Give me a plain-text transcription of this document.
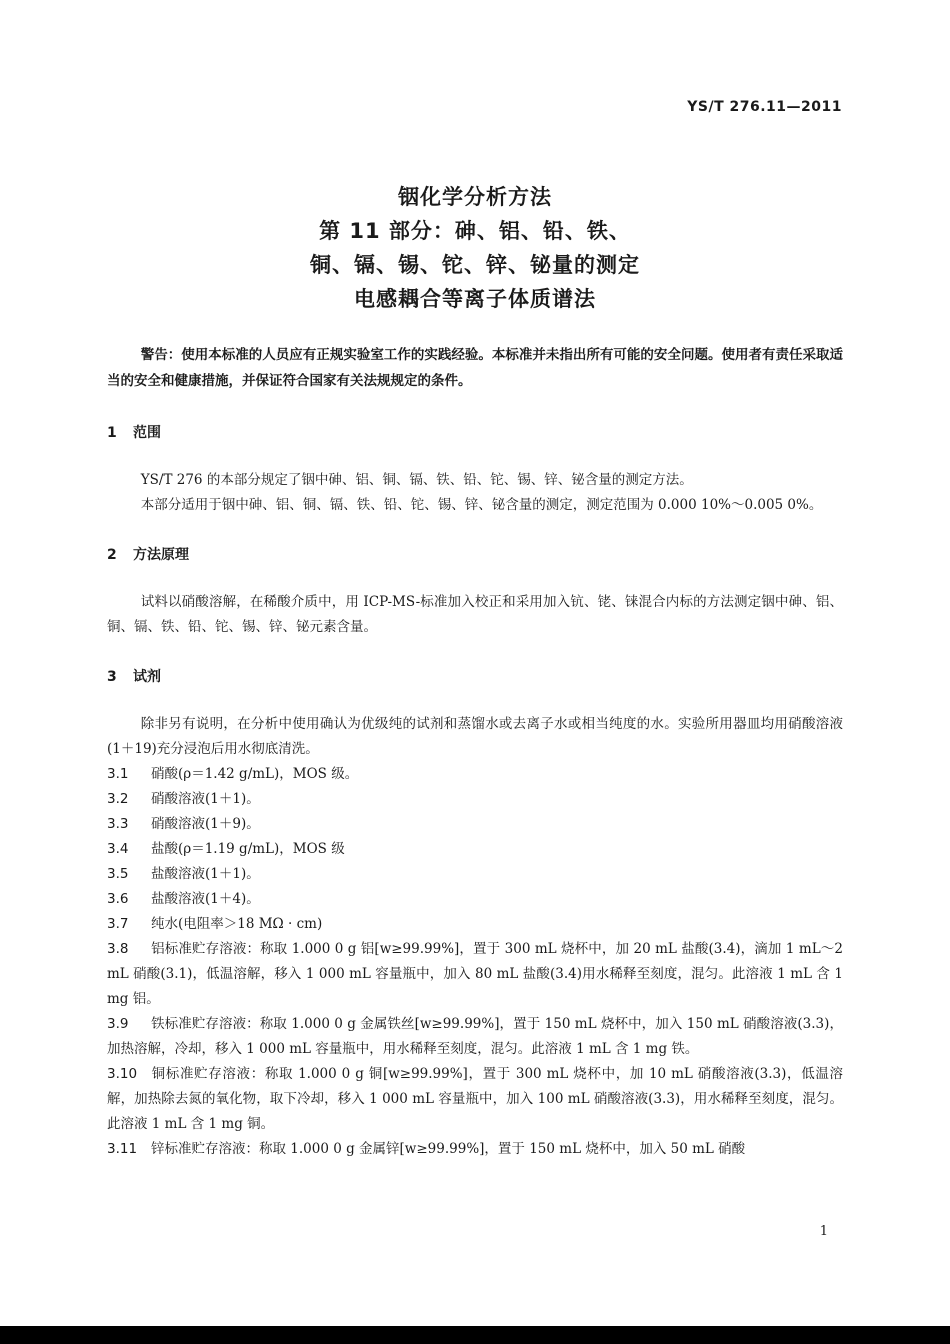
YS/T 276.11—2011
铟化学分析方法
第 11 部分：砷、铝、铅、铁、
铜、镉、锡、铊、锌、铋量的测定
电感耦合等离子体质谱法

警告：使用本标准的人员应有正规实验室工作的实践经验。本标准并未指出所有可能的安全问题。使用者有责任采取适当的安全和健康措施，并保证符合国家有关法规规定的条件。

1 范围

YS/T 276 的本部分规定了铟中砷、铝、铜、镉、铁、铅、铊、锡、锌、铋含量的测定方法。

本部分适用于铟中砷、铝、铜、镉、铁、铅、铊、锡、锌、铋含量的测定，测定范围为 0.000 10%～0.005 0%。

2 方法原理

试料以硝酸溶解，在稀酸介质中，用 ICP-MS-标准加入校正和采用加入钪、铑、铼混合内标的方法测定铟中砷、铝、铜、镉、铁、铅、铊、锡、锌、铋元素含量。

3 试剂

除非另有说明，在分析中使用确认为优级纯的试剂和蒸馏水或去离子水或相当纯度的水。实验所用器皿均用硝酸溶液(1＋19)充分浸泡后用水彻底清洗。

3.1 硝酸(ρ＝1.42 g/mL)，MOS 级。

3.2 硝酸溶液(1＋1)。

3.3 硝酸溶液(1＋9)。

3.4 盐酸(ρ＝1.19 g/mL)，MOS 级

3.5 盐酸溶液(1＋1)。

3.6 盐酸溶液(1＋4)。

3.7 纯水(电阻率＞18 MΩ · cm)

3.8 铝标准贮存溶液：称取 1.000 0 g 铝[w≥99.99%]，置于 300 mL 烧杯中，加 20 mL 盐酸(3.4)，滴加 1 mL～2 mL 硝酸(3.1)，低温溶解，移入 1 000 mL 容量瓶中，加入 80 mL 盐酸(3.4)用水稀释至刻度，混匀。此溶液 1 mL 含 1 mg 铝。

3.9 铁标准贮存溶液：称取 1.000 0 g 金属铁丝[w≥99.99%]，置于 150 mL 烧杯中，加入 150 mL 硝酸溶液(3.3)，加热溶解，冷却，移入 1 000 mL 容量瓶中，用水稀释至刻度，混匀。此溶液 1 mL 含 1 mg 铁。

3.10 铜标准贮存溶液：称取 1.000 0 g 铜[w≥99.99%]，置于 300 mL 烧杯中，加 10 mL 硝酸溶液(3.3)，低温溶解，加热除去氮的氧化物，取下冷却，移入 1 000 mL 容量瓶中，加入 100 mL 硝酸溶液(3.3)，用水稀释至刻度，混匀。此溶液 1 mL 含 1 mg 铜。

3.11 锌标准贮存溶液：称取 1.000 0 g 金属锌[w≥99.99%]，置于 150 mL 烧杯中，加入 50 mL 硝酸

1
